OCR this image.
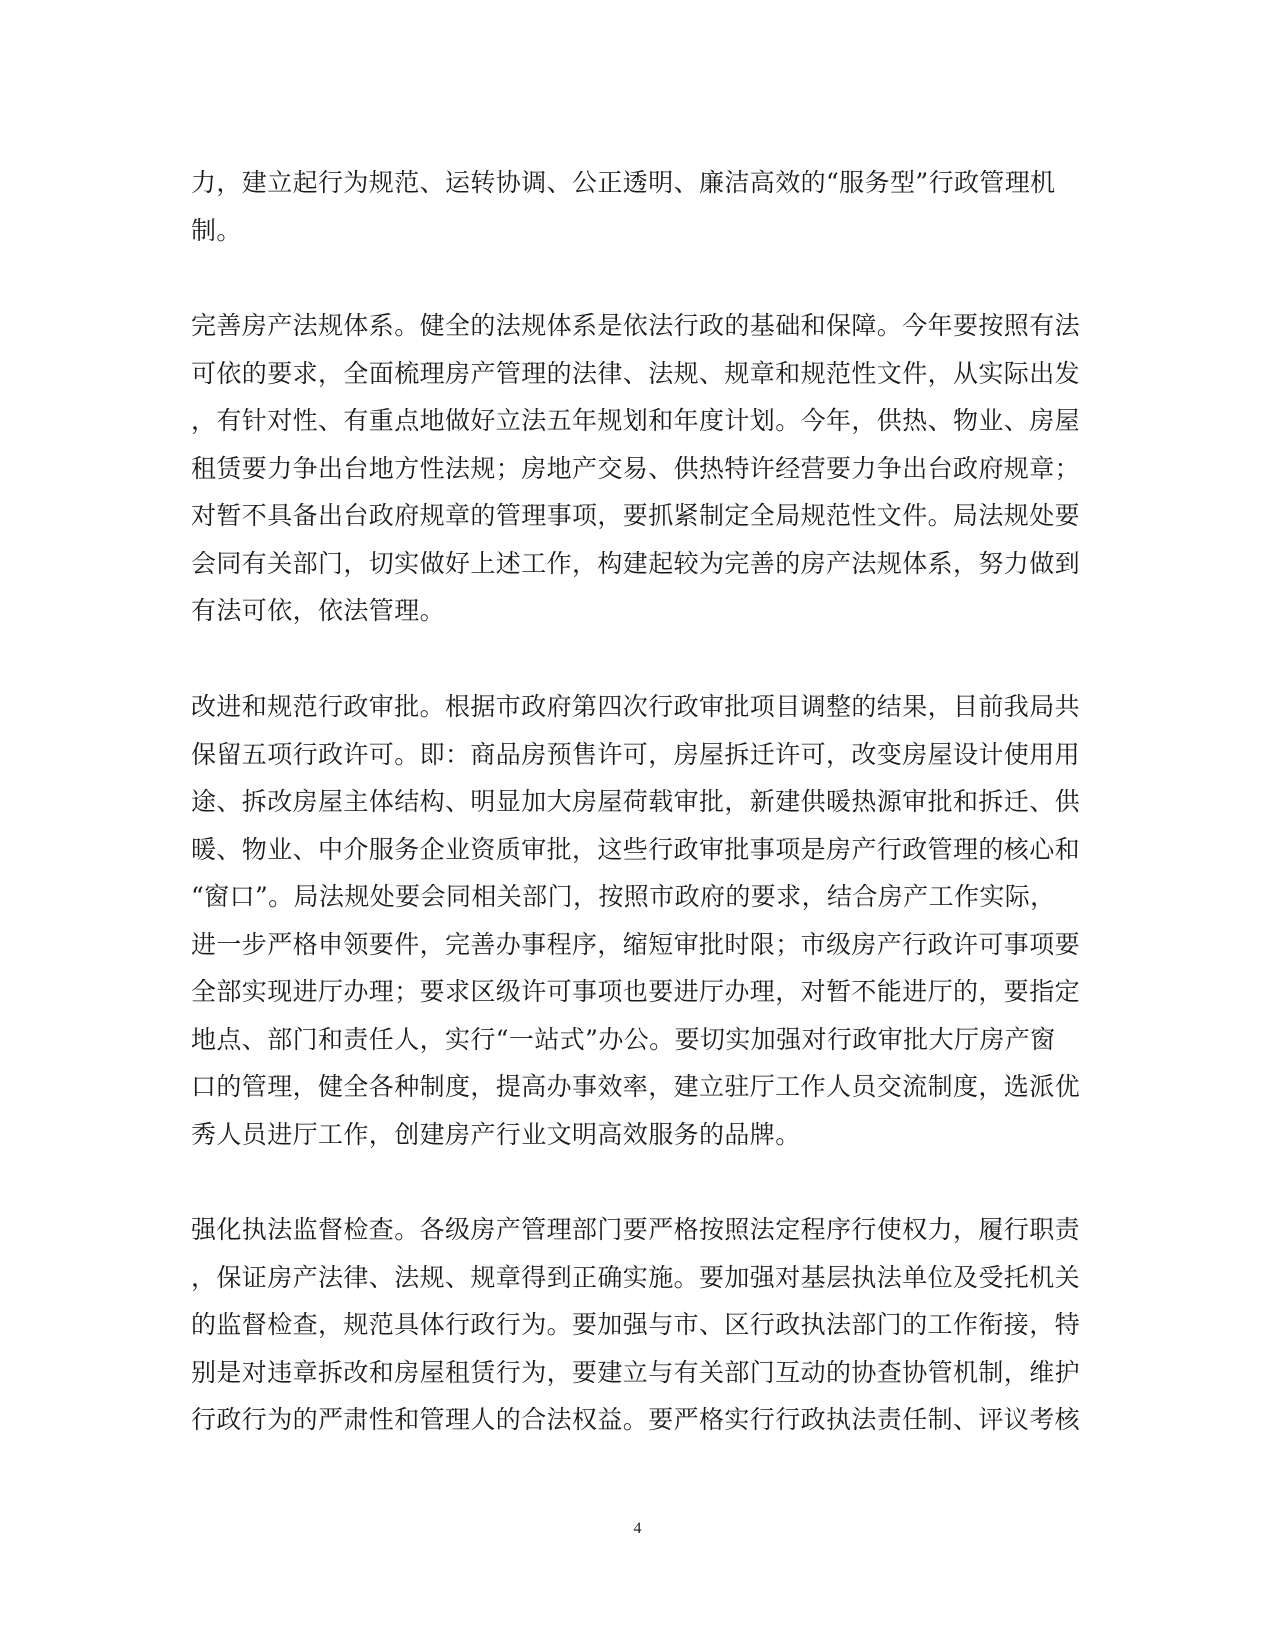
力，建立起行为规范、运转协调、公正透明、廉洁高效的“服务型”行政管理机
制。
完善房产法规体系。健全的法规体系是依法行政的基础和保障。今年要按照有法
可依的要求，全面梳理房产管理的法律、法规、规章和规范性文件，从实际出发
，有针对性、有重点地做好立法五年规划和年度计划。今年，供热、物业、房屋
租赁要力争出台地方性法规；房地产交易、供热特许经营要力争出台政府规章；
对暂不具备出台政府规章的管理事项，要抓紧制定全局规范性文件。局法规处要
会同有关部门，切实做好上述工作，构建起较为完善的房产法规体系，努力做到
有法可依，依法管理。
改进和规范行政审批。根据市政府第四次行政审批项目调整的结果，目前我局共
保留五项行政许可。即：商品房预售许可，房屋拆迁许可，改变房屋设计使用用
途、拆改房屋主体结构、明显加大房屋荷载审批，新建供暖热源审批和拆迁、供
暖、物业、中介服务企业资质审批，这些行政审批事项是房产行政管理的核心和
“窗口”。局法规处要会同相关部门，按照市政府的要求，结合房产工作实际，
进一步严格申领要件，完善办事程序，缩短审批时限；市级房产行政许可事项要
全部实现进厅办理；要求区级许可事项也要进厅办理，对暂不能进厅的，要指定
地点、部门和责任人，实行“一站式”办公。要切实加强对行政审批大厅房产窗
口的管理，健全各种制度，提高办事效率，建立驻厅工作人员交流制度，选派优
秀人员进厅工作，创建房产行业文明高效服务的品牌。
强化执法监督检查。各级房产管理部门要严格按照法定程序行使权力，履行职责
，保证房产法律、法规、规章得到正确实施。要加强对基层执法单位及受托机关
的监督检查，规范具体行政行为。要加强与市、区行政执法部门的工作衔接，特
别是对违章拆改和房屋租赁行为，要建立与有关部门互动的协查协管机制，维护
行政行为的严肃性和管理人的合法权益。要严格实行行政执法责任制、评议考核
4
